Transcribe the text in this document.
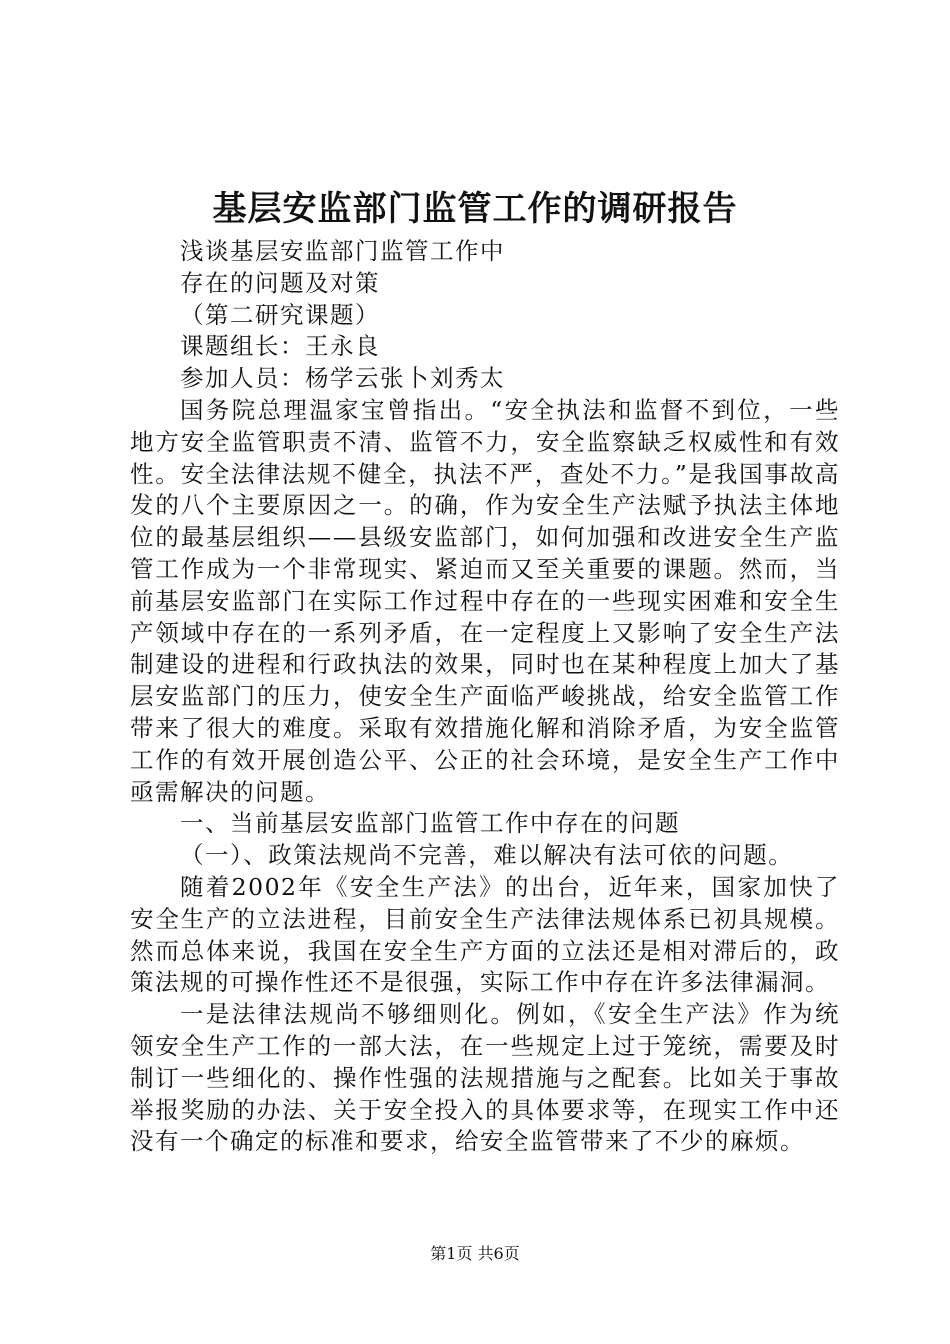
基层安监部门监管工作的调研报告
浅谈基层安监部门监管工作中
存在的问题及对策
（第二研究课题）
课题组长：王永良
参加人员：杨学云张卜刘秀太

国务院总理温家宝曾指出。“安全执法和监督不到位，一些地方安全监管职责不清、监管不力，安全监察缺乏权威性和有效性。安全法律法规不健全，执法不严，查处不力。”是我国事故高发的八个主要原因之一。的确，作为安全生产法赋予执法主体地位的最基层组织——县级安监部门，如何加强和改进安全生产监管工作成为一个非常现实、紧迫而又至关重要的课题。然而，当前基层安监部门在实际工作过程中存在的一些现实困难和安全生产领域中存在的一系列矛盾，在一定程度上又影响了安全生产法制建设的进程和行政执法的效果，同时也在某种程度上加大了基层安监部门的压力，使安全生产面临严峻挑战，给安全监管工作带来了很大的难度。采取有效措施化解和消除矛盾，为安全监管工作的有效开展创造公平、公正的社会环境，是安全生产工作中亟需解决的问题。

一、当前基层安监部门监管工作中存在的问题

（一）、政策法规尚不完善，难以解决有法可依的问题。

随着2002年《安全生产法》的出台，近年来，国家加快了安全生产的立法进程，目前安全生产法律法规体系已初具规模。然而总体来说，我国在安全生产方面的立法还是相对滞后的，政策法规的可操作性还不是很强，实际工作中存在许多法律漏洞。

一是法律法规尚不够细则化。例如，《安全生产法》作为统领安全生产工作的一部大法，在一些规定上过于笼统，需要及时制订一些细化的、操作性强的法规措施与之配套。比如关于事故举报奖励的办法、关于安全投入的具体要求等，在现实工作中还没有一个确定的标准和要求，给安全监管带来了不少的麻烦。

第1页 共6页
